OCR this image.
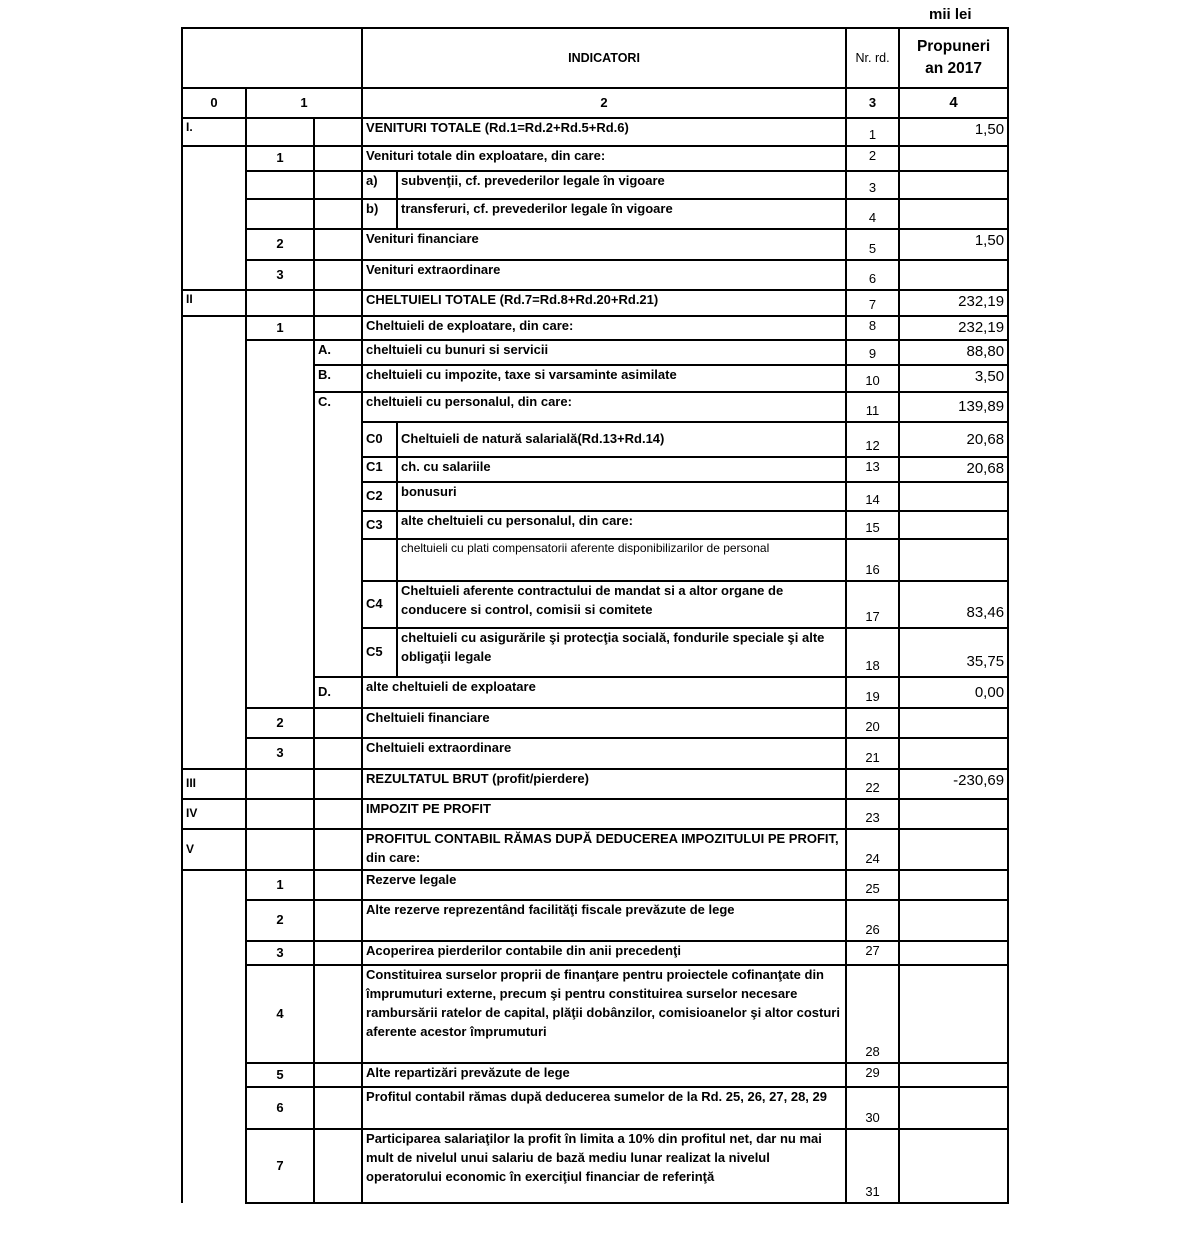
mii lei
			INDICATORI		Nr. rd.	Propuneri
an 2017
0	1		2		3	4
I.			VENITURI TOTALE (Rd.1=Rd.2+Rd.5+Rd.6)		1	1,50
	1		Venituri totale din exploatare, din care:		2	
			a)	subvenţii, cf. prevederilor legale în vigoare	3	
			b)	transferuri, cf. prevederilor legale în vigoare	4	
	2		Venituri financiare		5	1,50
	3		Venituri extraordinare		6	
II			CHELTUIELI TOTALE (Rd.7=Rd.8+Rd.20+Rd.21)		7	232,19
	1		Cheltuieli de exploatare, din care:		8	232,19
		A.	cheltuieli cu bunuri si servicii		9	88,80
		B.	cheltuieli cu impozite, taxe si varsaminte asimilate		10	3,50
		C.	cheltuieli cu personalul, din care:		11	139,89
			C0	Cheltuieli de natură salarială(Rd.13+Rd.14)	12	20,68
			C1	ch. cu salariile	13	20,68
			C2	bonusuri	14	
			C3	alte cheltuieli cu personalul, din care:	15	
				cheltuieli cu plati compensatorii aferente disponibilizarilor de personal	16	
			C4	Cheltuieli aferente contractului de mandat si a altor organe de conducere si control, comisii si comitete	17	83,46
			C5	cheltuieli cu asigurările şi protecţia socială, fondurile speciale şi alte obligaţii legale	18	35,75
		D.	alte cheltuieli de exploatare		19	0,00
	2		Cheltuieli financiare		20	
	3		Cheltuieli extraordinare		21	
III			REZULTATUL BRUT (profit/pierdere)		22	-230,69
IV			IMPOZIT PE PROFIT		23	
V			PROFITUL CONTABIL RĂMAS DUPĂ DEDUCEREA IMPOZITULUI PE PROFIT, din care:		24	
	1		Rezerve legale		25	
	2		Alte rezerve reprezentând facilităţi fiscale prevăzute de lege		26	
	3		Acoperirea pierderilor contabile din anii precedenţi		27	
	4		Constituirea surselor proprii de finanţare pentru proiectele cofinanţate din împrumuturi externe, precum şi pentru constituirea surselor necesare rambursării ratelor de capital, plăţii dobânzilor, comisioanelor şi altor costuri aferente acestor împrumuturi		28	
	5		Alte repartizări prevăzute de lege		29	
	6		Profitul contabil rămas după deducerea sumelor de la Rd. 25, 26, 27, 28, 29		30	
	7		Participarea salariaţilor la profit în limita a 10% din profitul net, dar nu mai mult de nivelul unui salariu de bază mediu lunar realizat la nivelul operatorului economic în exerciţiul financiar de referinţă		31	
